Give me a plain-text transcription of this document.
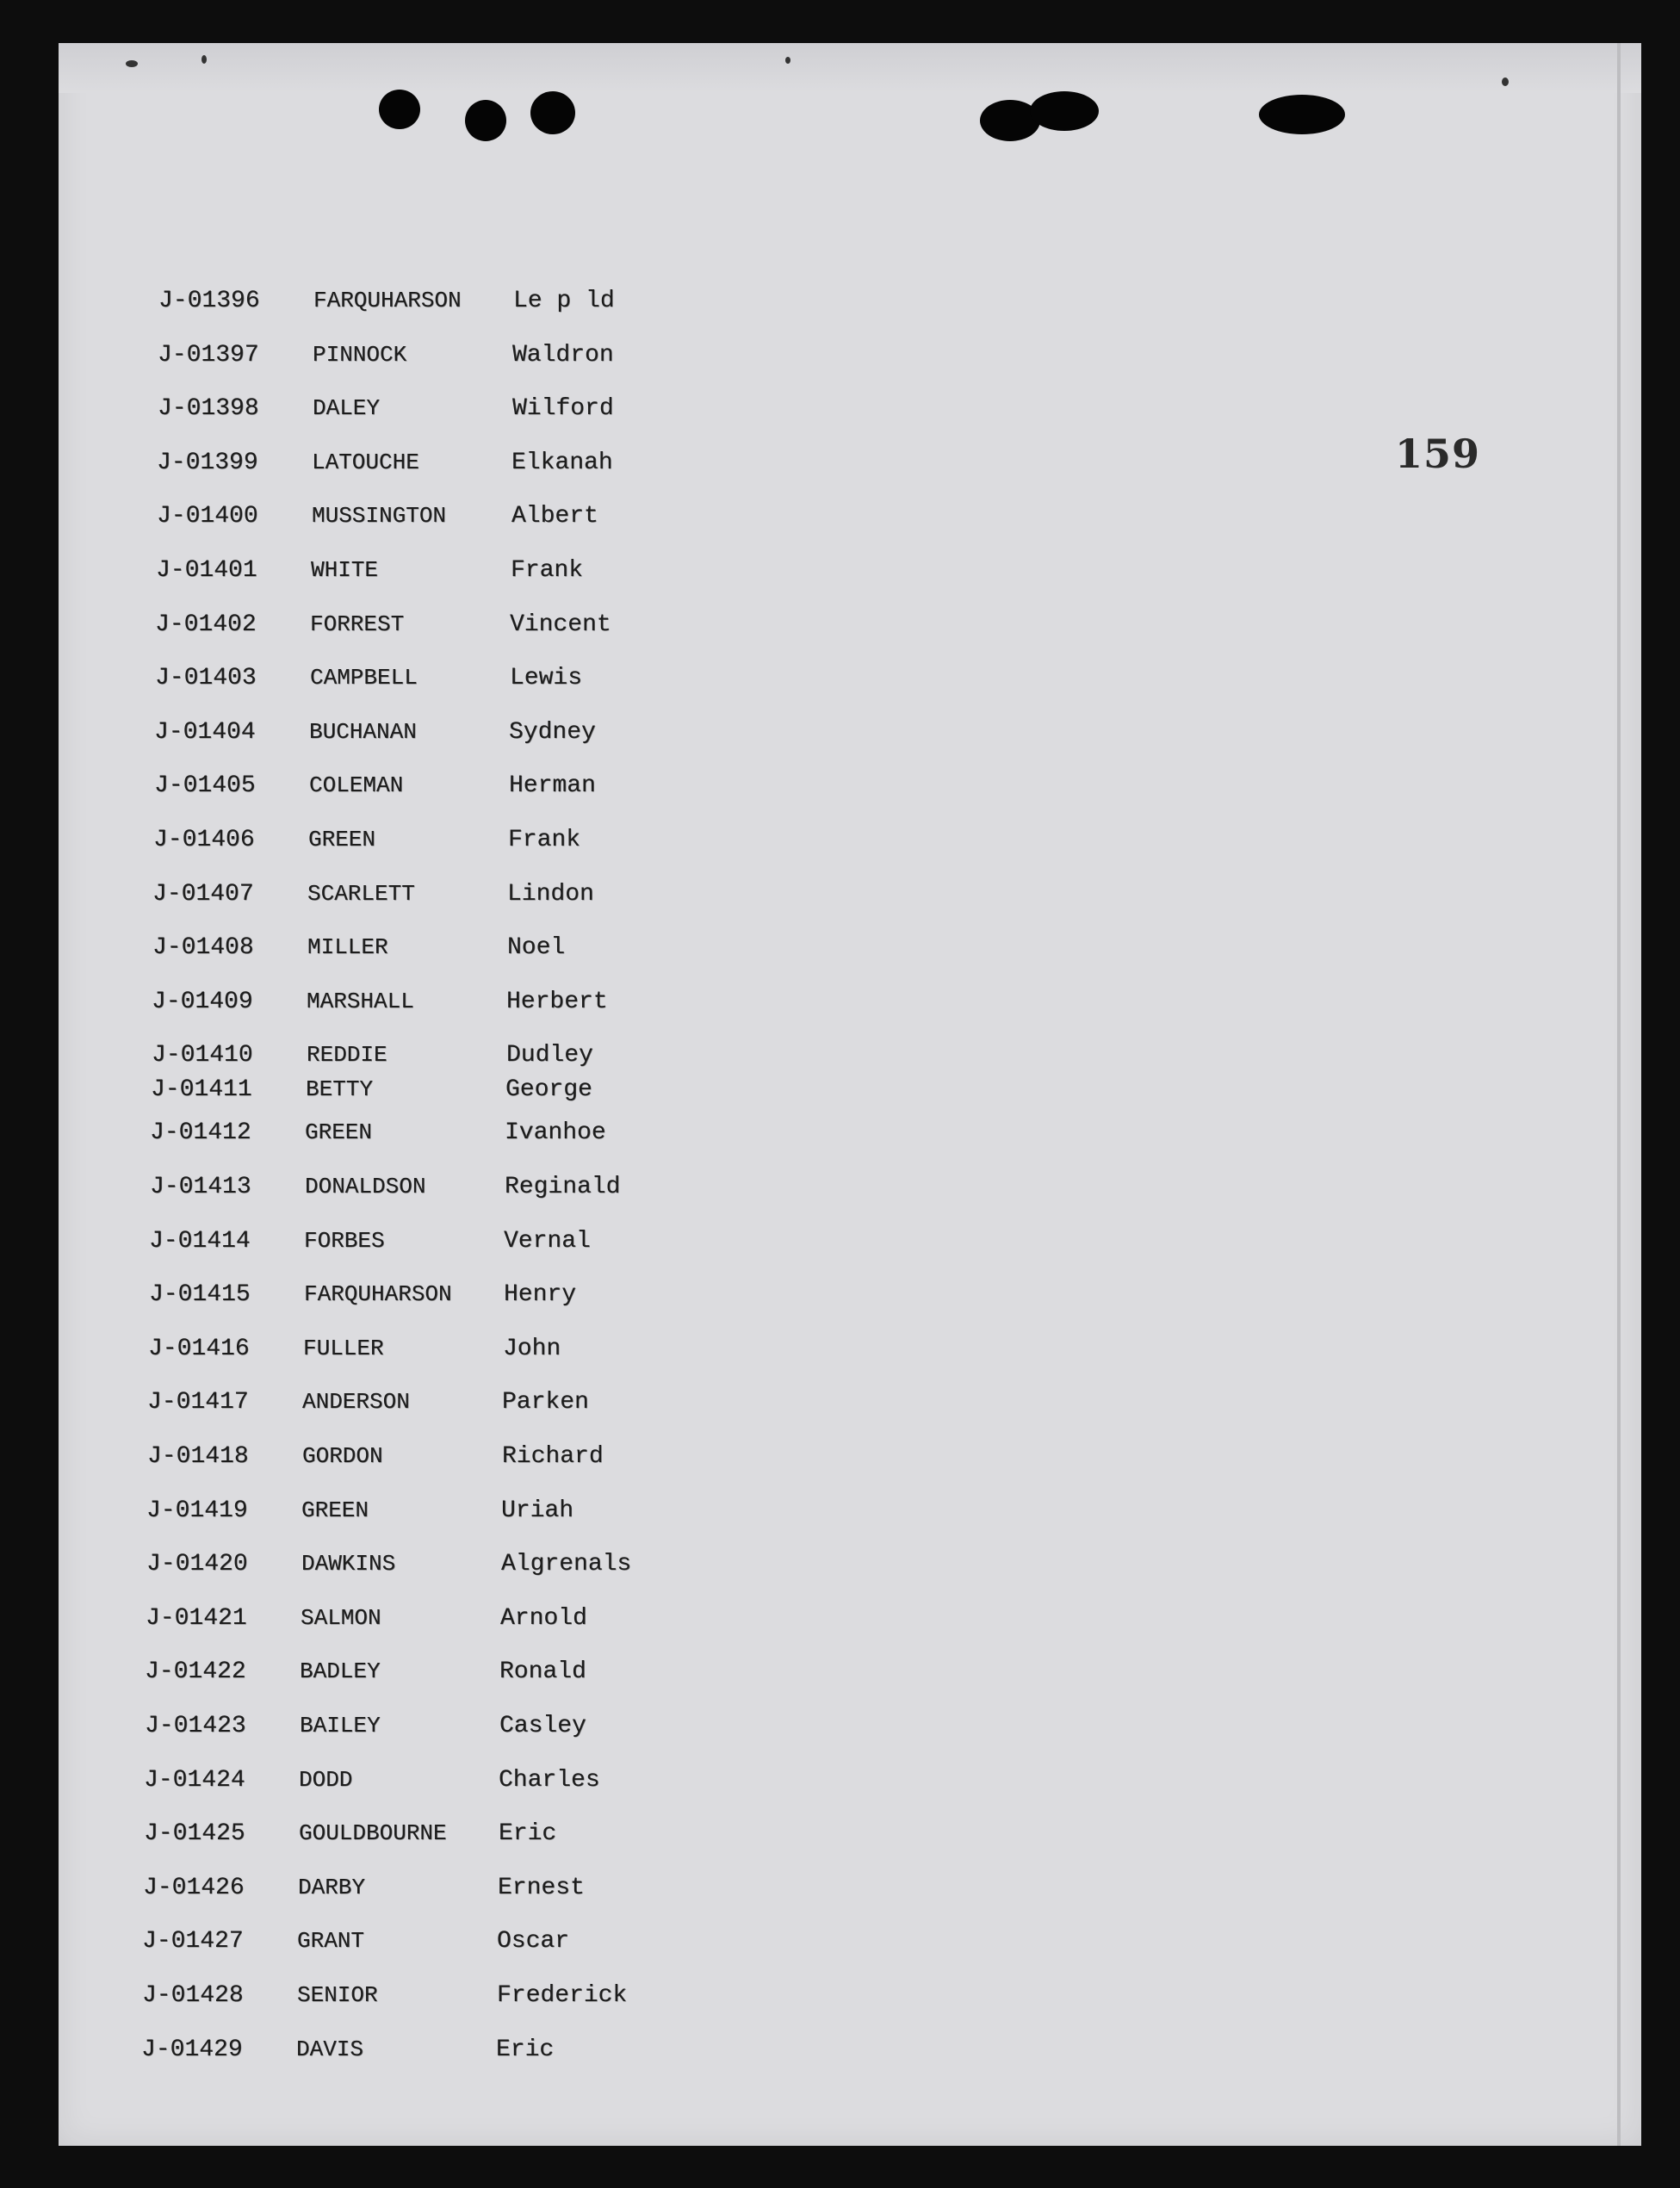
159
J-01396 FARQUHARSON Le p ld
J-01397 PINNOCK	Waldron
J-01398 DALEY	Wilford
J-01399 LATOUCHE	Elkanah
J-01400 MUSSINGTON	Albert
J-01401 WHITE	Frank
J-01402 FORREST	Vincent
J-01403 CAMPBELL	Lewis
J-01404 BUCHANAN	Sydney
J-01405 COLEMAN	Herman
J-01406 GREEN	Frank
J-01407 SCARLETT	Lindon
J-01408 MILLER	Noel
J-01409 MARSHALL	Herbert
J-01410 REDDIE	Dudley
J-01411 BETTY	George
J-01412 GREEN	Ivanhoe
J-01413 DONALDSON	Reginald
J-01414 FORBES	Vernal
J-01415 FARQUHARSON Henry
J-01416 FULLER	John
J-01417 ANDERSON	Parken
J-01418 GORDON	Richard
J-01419 GREEN	Uriah
J-01420 DAWKINS	Algrenals
J-01421 SALMON	Arnold
J-01422 BADLEY	Ronald
J-01423 BAILEY	Casley
J-01424 DODD	Charles
J-01425 GOULDBOURNE Eric
J-01426 DARBY	Ernest
J-01427 GRANT	Oscar
J-01428 SENIOR	Frederick
J-01429 DAVIS	Eric
